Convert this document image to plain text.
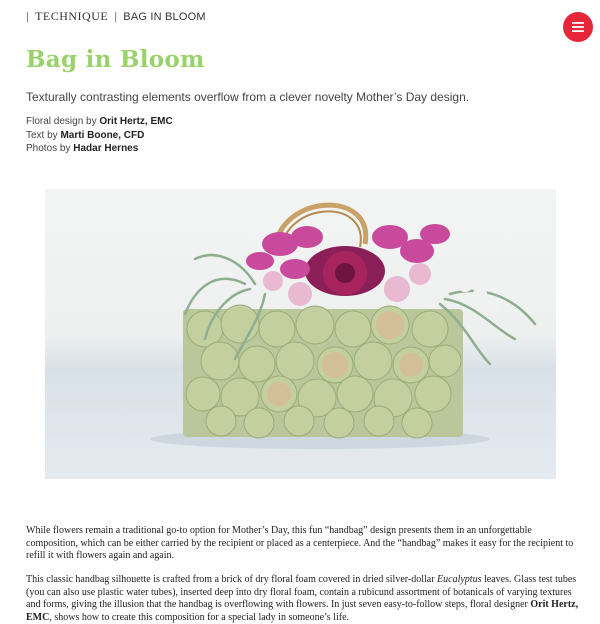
| TECHNIQUE | BAG IN BLOOM
Bag in Bloom

Texturally contrasting elements overflow from a clever novelty Mother’s Day design.

Floral design by Orit Hertz, EMC
Text by Marti Boone, CFD
Photos by Hadar Hernes

While flowers remain a traditional go-to option for Mother’s Day, this fun “handbag” design presents them in an unforgettable composition, which can be either carried by the recipient or placed as a centerpiece. And the “handbag” makes it easy for the recipient to refill it with flowers again and again.

This classic handbag silhouette is crafted from a brick of dry floral foam covered in dried silver-dollar Eucalyptus leaves. Glass test tubes (you can also use plastic water tubes), inserted deep into dry floral foam, contain a rubicund assortment of botanicals of varying textures and forms, giving the illusion that the handbag is overflowing with flowers. In just seven easy-to-follow steps, floral designer Orit Hertz, EMC, shows how to create this composition for a special lady in someone’s life.
